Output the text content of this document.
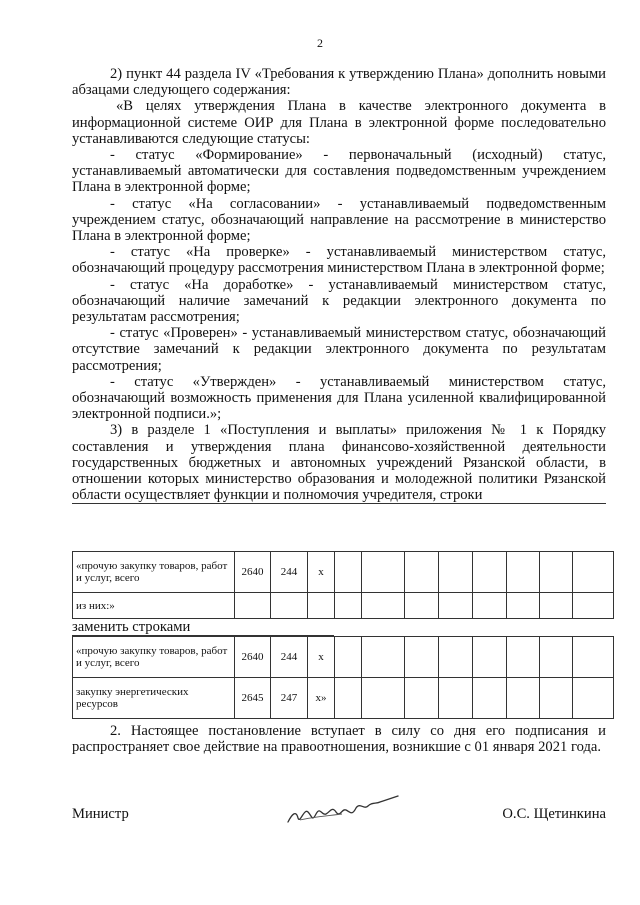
2

2) пункт 44 раздела IV «Требования к утверждению Плана» дополнить новыми абзацами следующего содержания:

«В целях утверждения Плана в качестве электронного документа в информационной системе ОИР для Плана в электронной форме последовательно устанавливаются следующие статусы:

- статус «Формирование» - первоначальный (исходный) статус, устанавливаемый автоматически для составления подведомственным учреждением Плана в электронной форме;

- статус «На согласовании» - устанавливаемый подведомственным учреждением статус, обозначающий направление на рассмотрение в министерство Плана в электронной форме;

- статус «На проверке» - устанавливаемый министерством статус, обозначающий процедуру рассмотрения министерством Плана в электронной форме;

- статус «На доработке» - устанавливаемый министерством статус, обозначающий наличие замечаний к редакции электронного документа по результатам рассмотрения;

- статус «Проверен» - устанавливаемый министерством статус, обозначающий отсутствие замечаний к редакции электронного документа по результатам рассмотрения;

- статус «Утвержден» - устанавливаемый министерством статус, обозначающий возможность применения для Плана усиленной квалифицированной электронной подписи.»;

3) в разделе 1 «Поступления и выплаты» приложения № 1 к Порядку составления и утверждения плана финансово-хозяйственной деятельности государственных бюджетных и автономных учреждений Рязанской области, в отношении которых министерство образования и молодежной политики Рязанской области осуществляет функции и полномочия учредителя, строки

«прочую закупку товаров, работ и услуг, всего	2640	244	х								
из них:»											
заменить строками
«прочую закупку товаров, работ и услуг, всего	2640	244	х								
закупку энергетических ресурсов	2645	247	х»								

2. Настоящее постановление вступает в силу со дня его подписания и распространяет свое действие на правоотношения, возникшие с 01 января 2021 года.

Министр	О.С. Щетинкина
